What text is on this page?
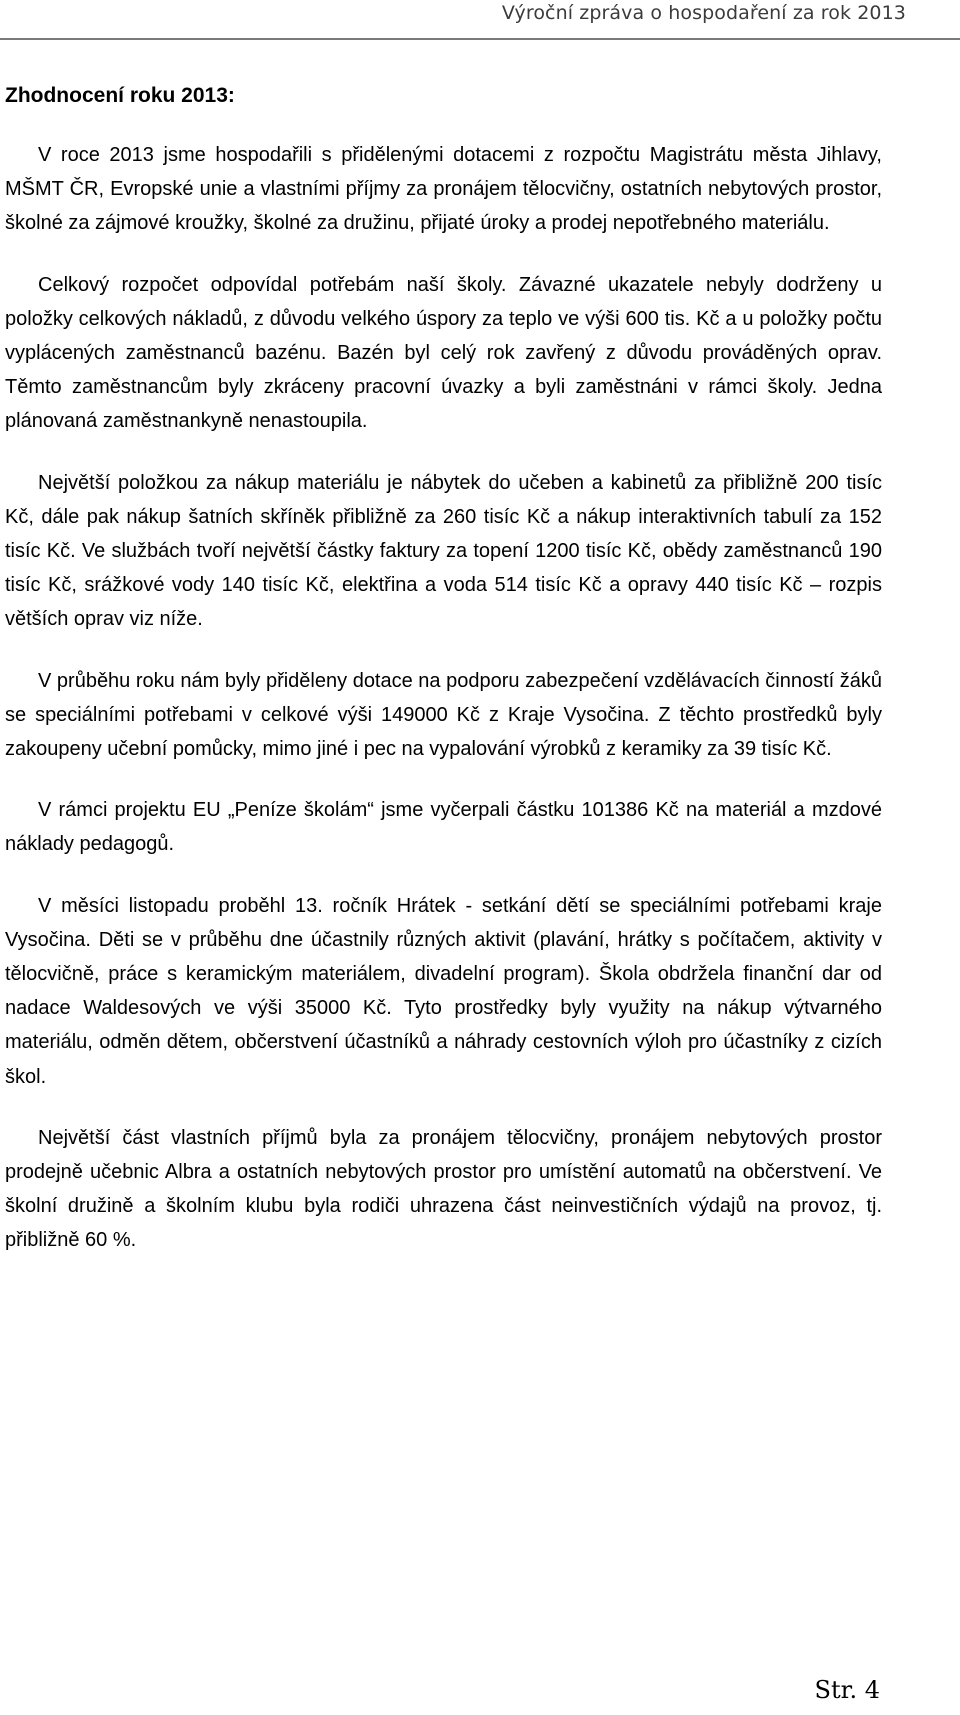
Výroční zpráva o hospodaření za rok 2013
Zhodnocení roku 2013:

V roce 2013 jsme hospodařili s přidělenými dotacemi z rozpočtu Magistrátu města Jihlavy, MŠMT ČR, Evropské unie a vlastními příjmy za pronájem tělocvičny, ostatních nebytových prostor, školné za zájmové kroužky, školné za družinu, přijaté úroky a prodej nepotřebného materiálu.

Celkový rozpočet odpovídal potřebám naší školy. Závazné ukazatele nebyly dodrženy u položky celkových nákladů, z důvodu velkého úspory za teplo ve výši 600 tis. Kč a u položky počtu vyplácených zaměstnanců bazénu. Bazén byl celý rok zavřený z důvodu prováděných oprav. Těmto zaměstnancům byly zkráceny pracovní úvazky a byli zaměstnáni v rámci školy. Jedna plánovaná zaměstnankyně nenastoupila.

Největší položkou za nákup materiálu je nábytek do učeben a kabinetů za přibližně 200 tisíc Kč, dále pak nákup šatních skříněk přibližně za 260 tisíc Kč a nákup interaktivních tabulí za 152 tisíc Kč. Ve službách tvoří největší částky faktury za topení 1200 tisíc Kč, obědy zaměstnanců 190 tisíc Kč, srážkové vody 140 tisíc Kč, elektřina a voda 514 tisíc Kč a opravy 440 tisíc Kč – rozpis větších oprav viz níže.

V průběhu roku nám byly přiděleny dotace na podporu zabezpečení vzdělávacích činností žáků se speciálními potřebami v celkové výši 149000 Kč z Kraje Vysočina. Z těchto prostředků byly zakoupeny učební pomůcky, mimo jiné i pec na vypalování výrobků z keramiky za 39 tisíc Kč.

V rámci projektu EU „Peníze školám“ jsme vyčerpali částku 101386 Kč na materiál a mzdové náklady pedagogů.

V měsíci listopadu proběhl 13. ročník Hrátek - setkání dětí se speciálními potřebami kraje Vysočina. Děti se v průběhu dne účastnily různých aktivit (plavání, hrátky s počítačem, aktivity v tělocvičně, práce s keramickým materiálem, divadelní program). Škola obdržela finanční dar od nadace Waldesových ve výši 35000 Kč. Tyto prostředky byly využity na nákup výtvarného materiálu, odměn dětem, občerstvení účastníků a náhrady cestovních výloh pro účastníky z cizích škol.

Největší část vlastních příjmů byla za pronájem tělocvičny, pronájem nebytových prostor prodejně učebnic Albra a ostatních nebytových prostor pro umístění automatů na občerstvení. Ve školní družině a školním klubu byla rodiči uhrazena část neinvestičních výdajů na provoz, tj. přibližně 60 %.

Str. 4
